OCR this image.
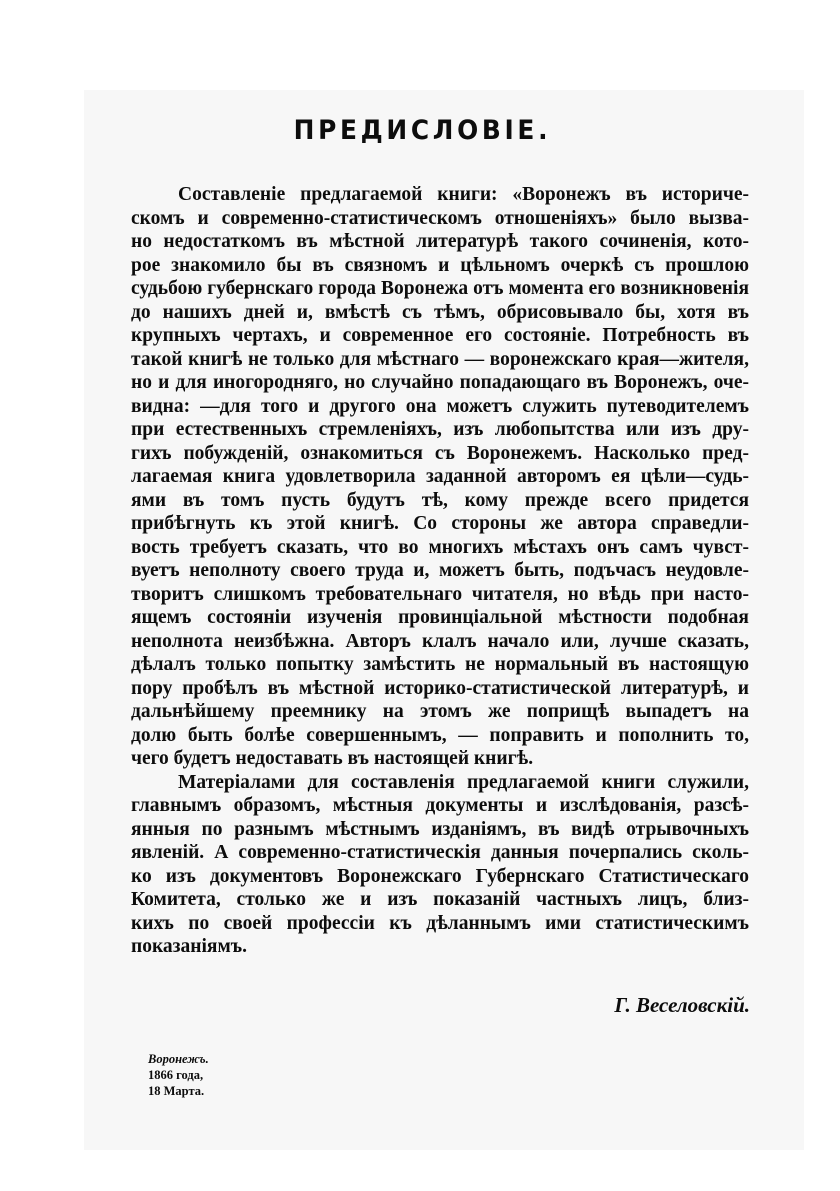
ПРЕДИСЛОВІЕ.
Составленіе предлагаемой книги: «Воронежъ въ историче-
скомъ и современно-статистическомъ отношеніяхъ» было вызва-
но недостаткомъ въ мѣстной литературѣ такого сочиненія, кото-
рое знакомило бы въ связномъ и цѣльномъ очеркѣ съ прошлою
судьбою губернскаго города Воронежа отъ момента его возникновенія
до нашихъ дней и, вмѣстѣ съ тѣмъ, обрисовывало бы, хотя въ
крупныхъ чертахъ, и современное его состояніе. Потребность въ
такой книгѣ не только для мѣстнаго — воронежскаго края—жителя,
но и для иногородняго, но случайно попадающаго въ Воронежъ, оче-
видна: —для того и другого она можетъ служить путеводителемъ
при естественныхъ стремленіяхъ, изъ любопытства или изъ дру-
гихъ побужденій, ознакомиться съ Воронежемъ. Насколько пред-
лагаемая книга удовлетворила заданной авторомъ ея цѣли—судь-
ями въ томъ пусть будутъ тѣ, кому прежде всего придется
прибѣгнуть къ этой книгѣ. Со стороны же автора справедли-
вость требуетъ сказать, что во многихъ мѣстахъ онъ самъ чувст-
вуетъ неполноту своего труда и, можетъ быть, подъчасъ неудовле-
творитъ слишкомъ требовательнаго читателя, но вѣдь при насто-
ящемъ состояніи изученія провинціальной мѣстности подобная
неполнота неизбѣжна. Авторъ клалъ начало или, лучше сказать,
дѣлалъ только попытку замѣстить не нормальный въ настоящую
пору пробѣлъ въ мѣстной историко-статистической литературѣ, и
дальнѣйшему преемнику на этомъ же поприщѣ выпадетъ на
долю быть болѣе совершеннымъ, — поправить и пополнить то,
чего будетъ недоставать въ настоящей книгѣ.
Матеріалами для составленія предлагаемой книги служили,
главнымъ образомъ, мѣстныя документы и изслѣдованія, разсѣ-
янныя по разнымъ мѣстнымъ изданіямъ, въ видѣ отрывочныхъ
явленій. А современно-статистическія данныя почерпались сколь-
ко изъ документовъ Воронежскаго Губернскаго Статистическаго
Комитета, столько же и изъ показаній частныхъ лицъ, близ-
кихъ по своей профессіи къ дѣланнымъ ими статистическимъ
показаніямъ.
Г. Веселовскій.
Воронежъ.
1866 года,
18 Марта.
